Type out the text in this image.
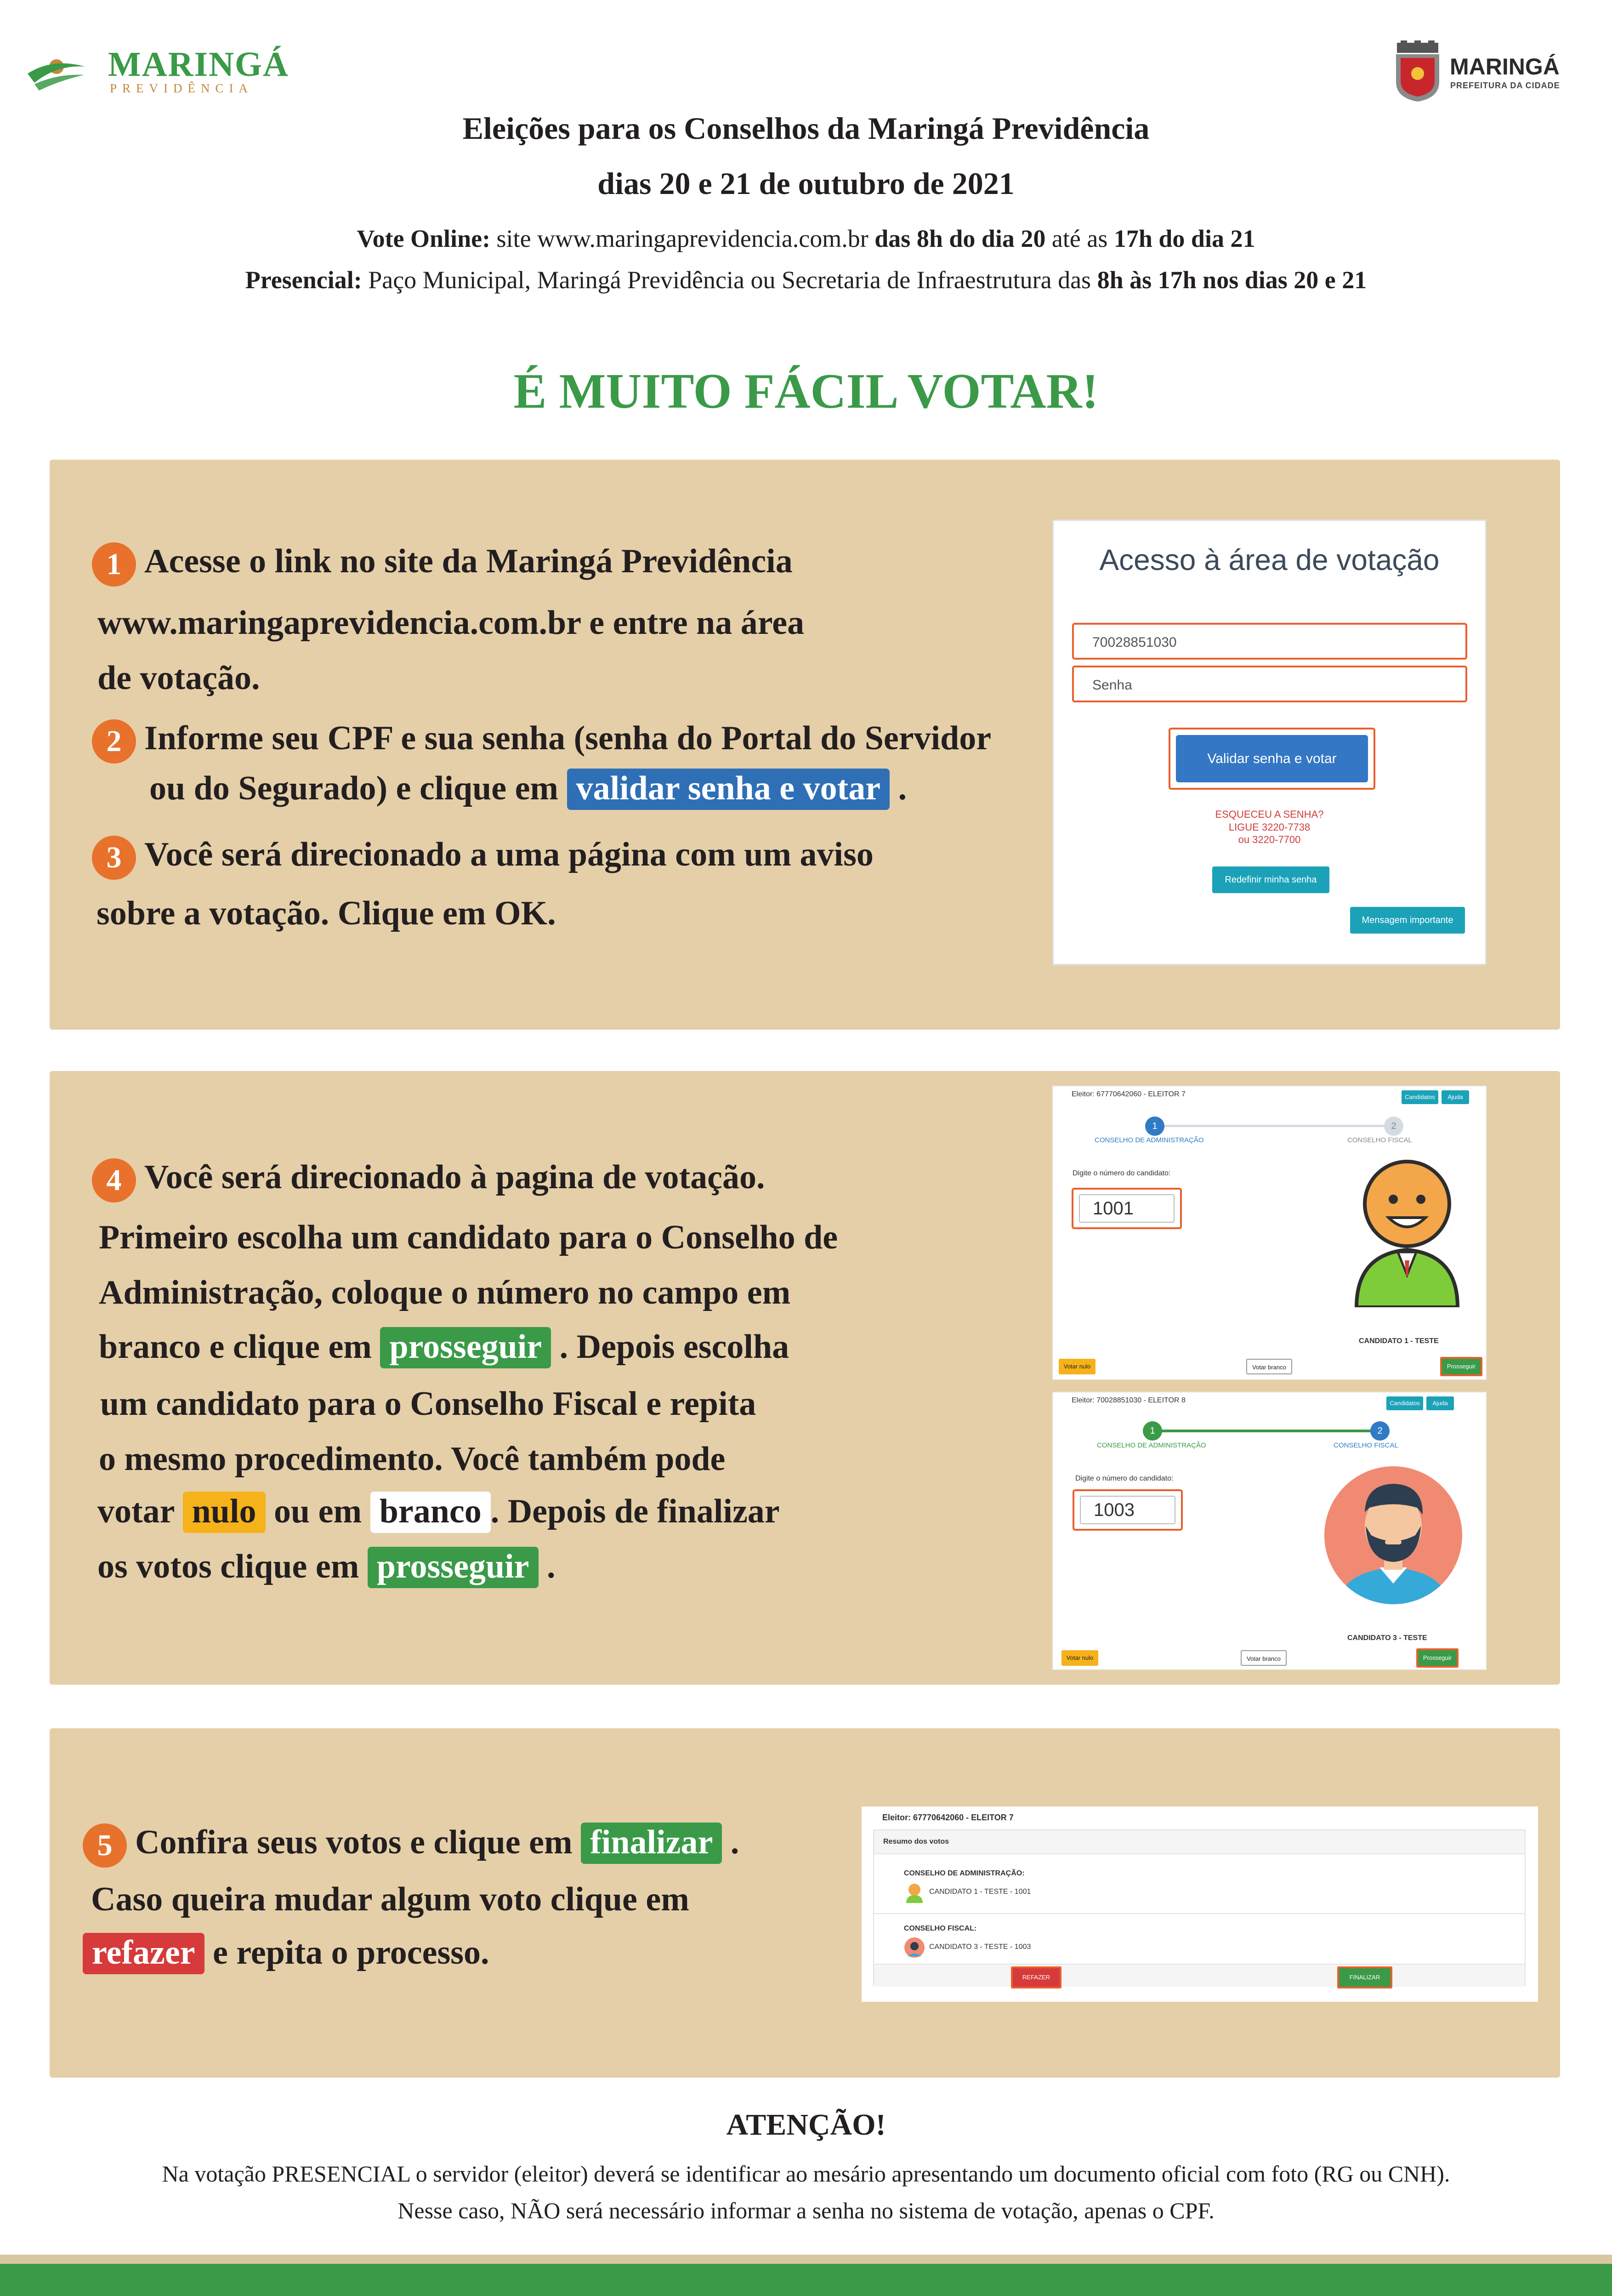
MARINGÁ
PREVIDÊNCIA
MARINGÁ
PREFEITURA DA CIDADE
Eleições para os Conselhos da Maringá Previdência
dias 20 e 21 de outubro de 2021
Vote Online: site www.maringaprevidencia.com.br das 8h do dia 20 até as 17h do dia 21
Presencial: Paço Municipal, Maringá Previdência ou Secretaria de Infraestrutura das 8h às 17h nos dias 20 e 21
É MUITO FÁCIL VOTAR!
1 Acesse o link no site da Maringá Previdência
www.maringaprevidencia.com.br e entre na área
de votação.
2 Informe seu CPF e sua senha (senha do Portal do Servidor
ou do Segurado) e clique em validar senha e votar .
3 Você será direcionado a uma página com um aviso
sobre a votação. Clique em OK.
Acesso à área de votação
70028851030
Senha
Validar senha e votar
ESQUECEU A SENHA?
LIGUE 3220-7738
ou 3220-7700
Redefinir minha senha
Mensagem importante
4 Você será direcionado à pagina de votação.
Primeiro escolha um candidato para o Conselho de
Administração, coloque o número no campo em
branco e clique em prosseguir . Depois escolha
um candidato para o Conselho Fiscal e repita
o mesmo procedimento. Você também pode
votar nulo ou em branco . Depois de finalizar
os votos clique em prosseguir .
Eleitor: 67770642060 - ELEITOR 7	Candidatos	Ajuda
1	2
CONSELHO DE ADMINISTRAÇÃO	CONSELHO FISCAL
Digite o número do candidato:
1001
CANDIDATO 1 - TESTE
Votar nulo	Votar branco	Prosseguir
Eleitor: 70028851030 - ELEITOR 8	Candidatos	Ajuda
1	2
CONSELHO DE ADMINISTRAÇÃO	CONSELHO FISCAL
Digite o número do candidato:
1003
CANDIDATO 3 - TESTE
Votar nulo	Votar branco	Prosseguir
5 Confira seus votos e clique em finalizar .
Caso queira mudar algum voto clique em
refazer e repita o processo.
Eleitor: 67770642060 - ELEITOR 7
Resumo dos votos
CONSELHO DE ADMINISTRAÇÃO:
CANDIDATO 1 - TESTE - 1001
CONSELHO FISCAL:
CANDIDATO 3 - TESTE - 1003
REFAZER	FINALIZAR
ATENÇÃO!
Na votação PRESENCIAL o servidor (eleitor) deverá se identificar ao mesário apresentando um documento oficial com foto (RG ou CNH).
Nesse caso, NÃO será necessário informar a senha no sistema de votação, apenas o CPF.
